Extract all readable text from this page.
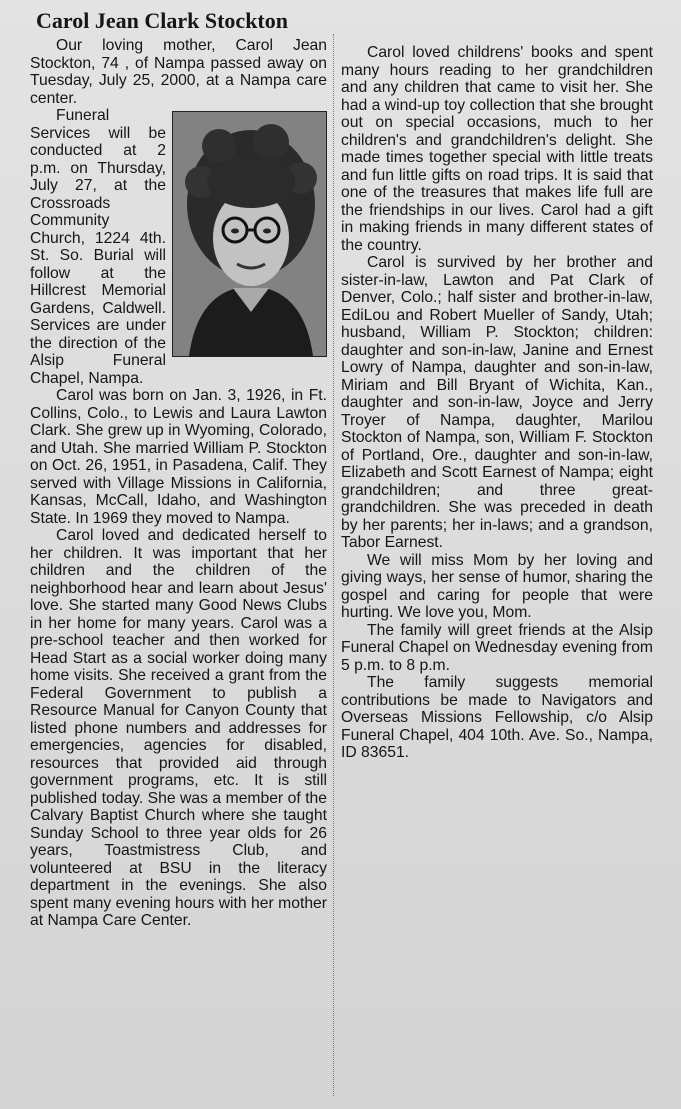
Carol Jean Clark Stockton

Our loving mother, Carol Jean Stockton, 74 , of Nampa passed away on Tuesday, July 25, 2000, at a Nampa care center.

Funeral Services will be conducted at 2 p.m. on Thursday, July 27, at the Crossroads Community Church, 1224 4th. St. So. Burial will follow at the Hillcrest Memorial Gardens, Caldwell. Services are under the direction of the Alsip Funeral Chapel, Nampa.

Carol was born on Jan. 3, 1926, in Ft. Collins, Colo., to Lewis and Laura Lawton Clark. She grew up in Wyoming, Colorado, and Utah. She married William P. Stockton on Oct. 26, 1951, in Pasadena, Calif. They served with Village Missions in California, Kansas, McCall, Idaho, and Washington State. In 1969 they moved to Nampa.

Carol loved and dedicated herself to her children. It was important that her children and the children of the neighborhood hear and learn about Jesus' love. She started many Good News Clubs in her home for many years. Carol was a pre-school teacher and then worked for Head Start as a social worker doing many home visits. She received a grant from the Federal Government to publish a Resource Manual for Canyon County that listed phone numbers and addresses for emergencies, agencies for disabled, resources that provided aid through government programs, etc. It is still published today. She was a member of the Calvary Baptist Church where she taught Sunday School to three year olds for 26 years, Toastmistress Club, and volunteered at BSU in the literacy department in the evenings. She also spent many evening hours with her mother at Nampa Care Center.

Carol loved childrens' books and spent many hours reading to her grandchildren and any children that came to visit her. She had a wind-up toy collection that she brought out on special occasions, much to her children's and grandchildren's delight. She made times together special with little treats and fun little gifts on road trips. It is said that one of the treasures that makes life full are the friendships in our lives. Carol had a gift in making friends in many different states of the country.

Carol is survived by her brother and sister-in-law, Lawton and Pat Clark of Denver, Colo.; half sister and brother-in-law, EdiLou and Robert Mueller of Sandy, Utah; husband, William P. Stockton; children: daughter and son-in-law, Janine and Ernest Lowry of Nampa, daughter and son-in-law, Miriam and Bill Bryant of Wichita, Kan., daughter and son-in-law, Joyce and Jerry Troyer of Nampa, daughter, Marilou Stockton of Nampa, son, William F. Stockton of Portland, Ore., daughter and son-in-law, Elizabeth and Scott Earnest of Nampa; eight grandchildren; and three great-grandchildren. She was preceded in death by her parents; her in-laws; and a grandson, Tabor Earnest.

We will miss Mom by her loving and giving ways, her sense of humor, sharing the gospel and caring for people that were hurting. We love you, Mom.

The family will greet friends at the Alsip Funeral Chapel on Wednesday evening from 5 p.m. to 8 p.m.

The family suggests memorial contributions be made to Navigators and Overseas Missions Fellowship, c/o Alsip Funeral Chapel, 404 10th. Ave. So., Nampa, ID 83651.
